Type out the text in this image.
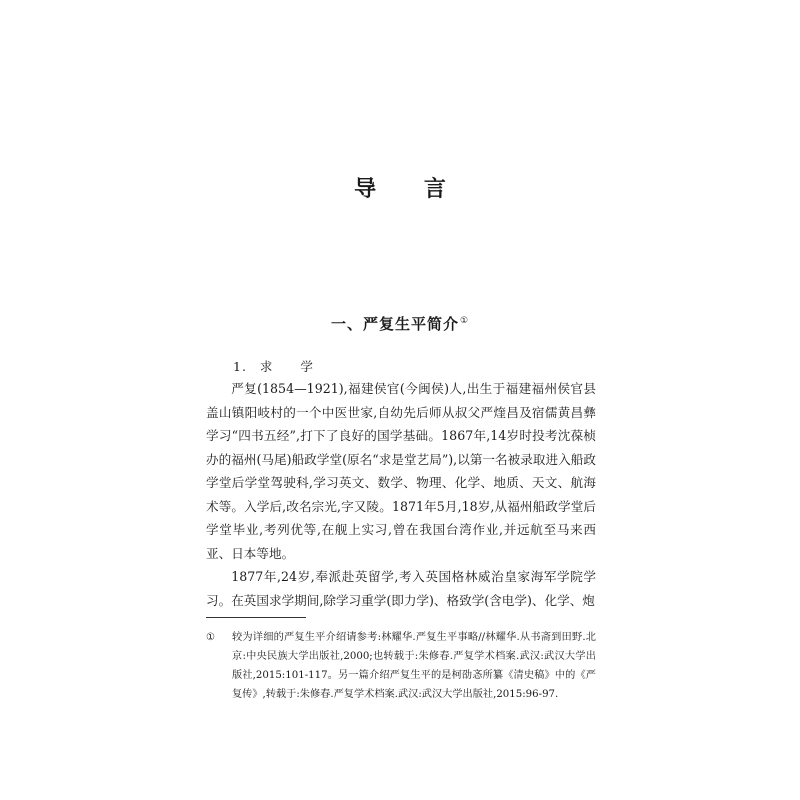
导 言
一、严复生平简介①
1. 求 学

严复(1854—1921),福建侯官(今闽侯)人,出生于福建福州侯官县盖山镇阳岐村的一个中医世家,自幼先后师从叔父严煃昌及宿儒黄昌彝学习“四书五经”,打下了良好的国学基础。1867年,14岁时投考沈葆桢办的福州(马尾)船政学堂(原名“求是堂艺局”),以第一名被录取进入船政学堂后学堂驾驶科,学习英文、数学、物理、化学、地质、天文、航海术等。入学后,改名宗光,字又陵。1871年5月,18岁,从福州船政学堂后学堂毕业,考列优等,在舰上实习,曾在我国台湾作业,并远航至马来西亚、日本等地。

1877年,24岁,奉派赴英留学,考入英国格林威治皇家海军学院学习。在英国求学期间,除学习重学(即力学)、格致学(含电学)、化学、炮

①	较为详细的严复生平介绍请参考:林耀华.严复生平事略//林耀华.从书斋到田野.北京:中央民族大学出版社,2000;也转载于:朱修春.严复学术档案.武汉:武汉大学出版社,2015:101-117。另一篇介绍严复生平的是柯劭忞所纂《清史稿》中的《严复传》,转载于:朱修春.严复学术档案.武汉:武汉大学出版社,2015:96-97.
